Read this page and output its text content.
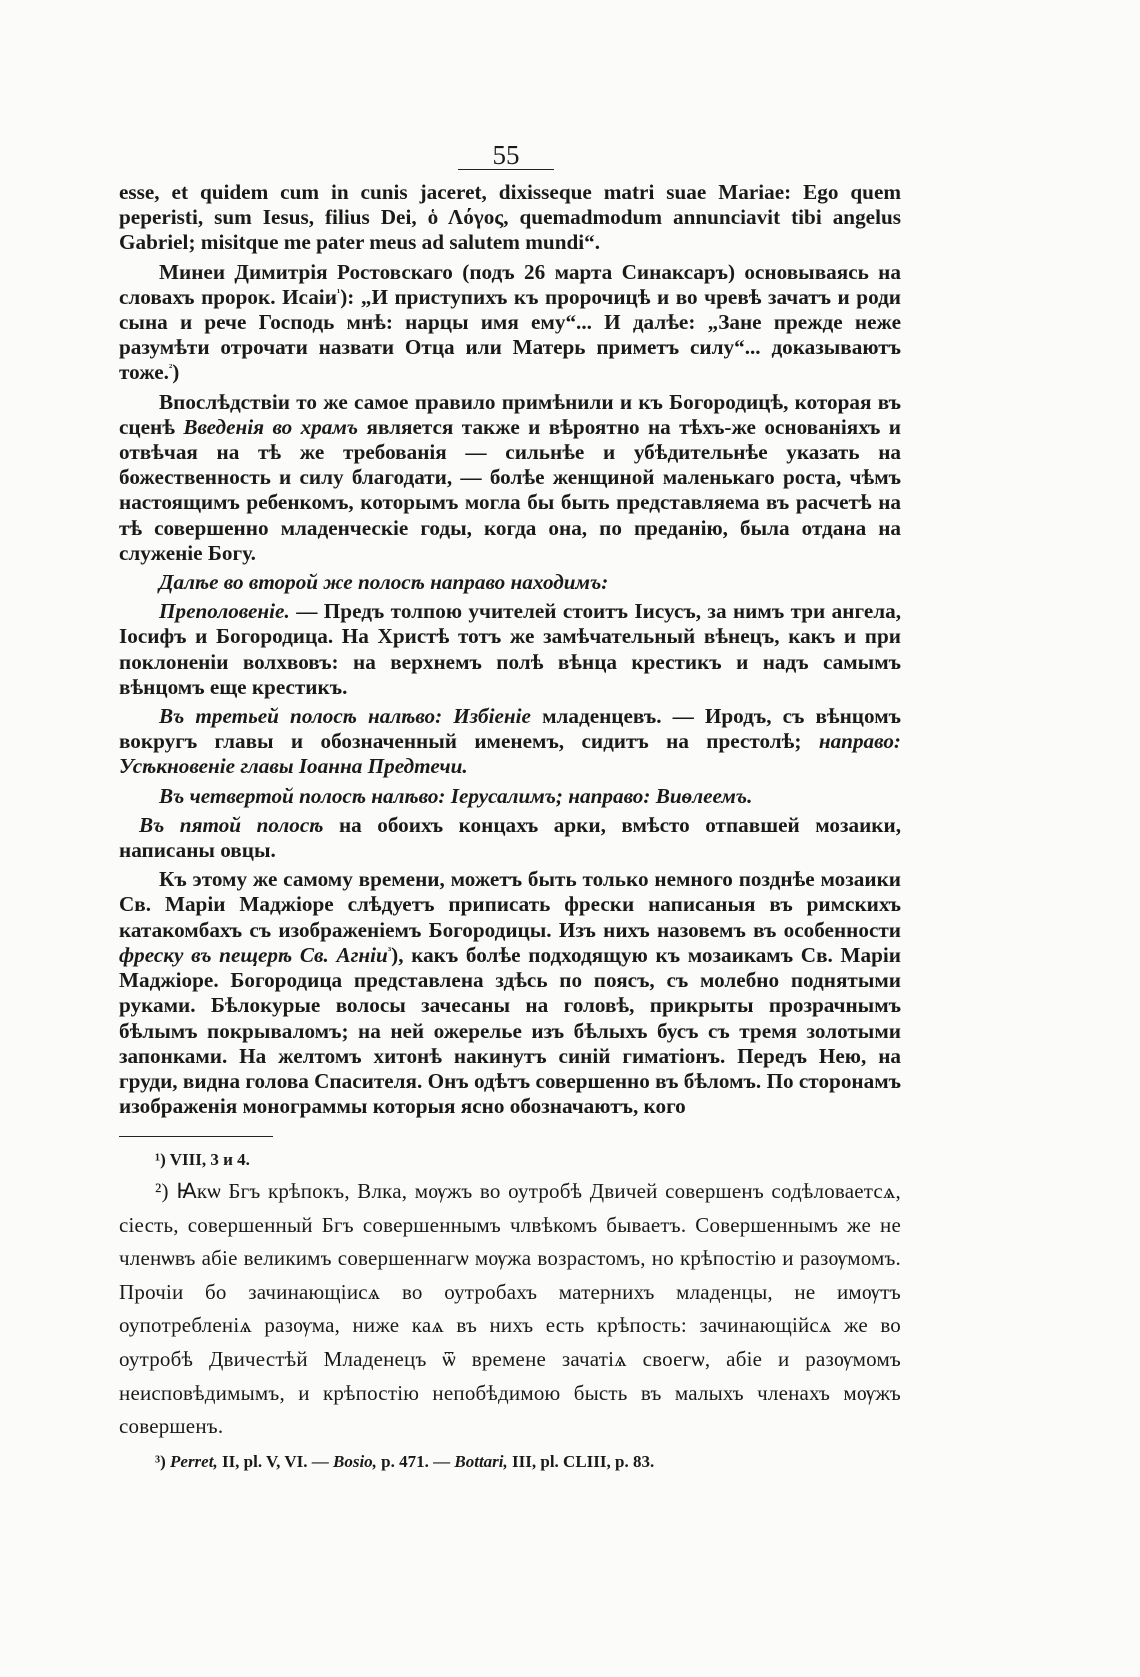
55

esse, et quidem cum in cunis jaceret, dixisseque matri suae Mariae: Ego quem peperisti, sum Iesus, filius Dei, ὁ Λόγος, quemadmodum annunciavit tibi angelus Gabriel; misitque me pater meus ad salutem mundi“.

Минеи Димитрія Ростовскаго (подъ 26 марта Синаксаръ) основываясь на словахъ пророк. Исаіи$^{^1}$): „И приступихъ къ пророчицѣ и во чревѣ зачатъ и роди сына и рече Господь мнѣ: нарцы имя ему“... И далѣе: „Зане прежде неже разумѣти отрочати назвати Отца или Матерь приметъ силу“... доказываютъ тоже.$^{^2}$)

Впослѣдствіи то же самое правило примѣнили и къ Богородицѣ, которая въ сценѣ Введенія во храмъ является также и вѣроятно на тѣхъ-же основаніяхъ и отвѣчая на тѣ же требованія — сильнѣе и убѣдительнѣе указать на божественность и силу благодати, — болѣе женщиной маленькаго роста, чѣмъ настоящимъ ребенкомъ, которымъ могла бы быть представляема въ расчетѣ на тѣ совершенно младенческіе годы, когда она, по преданію, была отдана на служеніе Богу.

Далѣе во второй же полосѣ направо находимъ:

Преполовеніе. — Предъ толпою учителей стоитъ Іисусъ, за нимъ три ангела, Іосифъ и Богородица. На Христѣ тотъ же замѣчательный вѣнецъ, какъ и при поклоненіи волхвовъ: на верхнемъ полѣ вѣнца крестикъ и надъ самымъ вѣнцомъ еще крестикъ.

Въ третьей полосѣ налѣво: Избіеніе младенцевъ. — Иродъ, съ вѣнцомъ вокругъ главы и обозначенный именемъ, сидитъ на престолѣ; направо: Усѣкновеніе главы Іоанна Предтечи.

Въ четвертой полосѣ налѣво: Іерусалимъ; направо: Виѳлеемъ.

Въ пятой полосѣ на обоихъ концахъ арки, вмѣсто отпавшей мозаики, написаны овцы.

Къ этому же самому времени, можетъ быть только немного позднѣе мозаики Св. Маріи Маджіоре слѣдуетъ приписать фрески написаныя въ римскихъ катакомбахъ съ изображеніемъ Богородицы. Изъ нихъ назовемъ въ особенности фреску въ пещерѣ Св. Агніи$^{^3}$), какъ болѣе подходящую къ мозаикамъ Св. Маріи Маджіоре. Богородица представлена здѣсь по поясъ, съ молебно поднятыми руками. Бѣлокурые волосы зачесаны на головѣ, прикрыты прозрачнымъ бѣлымъ покрываломъ; на ней ожерелье изъ бѣлыхъ бусъ съ тремя золотыми запонками. На желтомъ хитонѣ накинутъ синій гиматіонъ. Передъ Нею, на груди, видна голова Спасителя. Онъ одѣтъ совершенно въ бѣломъ. По сторонамъ изображенія монограммы которыя ясно обозначаютъ, кого

¹) VIII, 3 и 4.
²) Ꙗкѡ Бгъ крѣпокъ, Влка, мѹжъ во оутробѣ Двичей совершенъ содѣловаетсѧ, сіесть, совершенный Бгъ совершеннымъ члвѣкомъ бываетъ. Совершеннымъ же не членѡвъ абіе великимъ совершеннагѡ мѹжа возрастомъ, но крѣпостію и разѹмомъ. Прочіи бо зачинающіисѧ во оутробахъ матернихъ младенцы, не имѹтъ оупотребленіѧ разѹма, ниже каѧ въ нихъ есть крѣпость: зачинающійсѧ же во оутробѣ Двичестѣй Младенецъ ѿ времене зачатіѧ своегѡ, абіе и разѹмомъ неисповѣдимымъ, и крѣпостію непобѣдимою бысть въ малыхъ членахъ мѹжъ совершенъ.
³) Perret, II, pl. V, VI. — Bosio, p. 471. — Bottari, III, pl. CLIII, p. 83.
